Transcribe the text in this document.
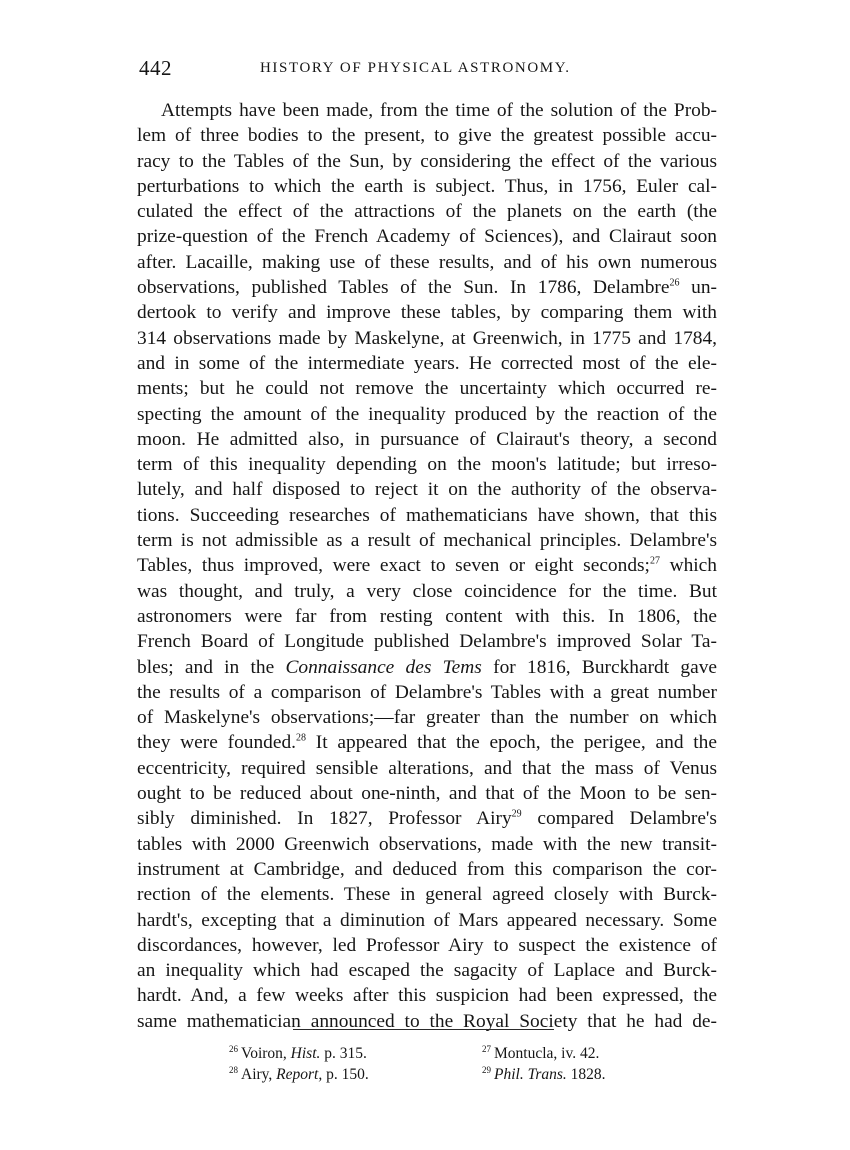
442	HISTORY OF PHYSICAL ASTRONOMY.
Attempts have been made, from the time of the solution of the Prob-
lem of three bodies to the present, to give the greatest possible accu-
racy to the Tables of the Sun, by considering the effect of the various
perturbations to which the earth is subject. Thus, in 1756, Euler cal-
culated the effect of the attractions of the planets on the earth (the
prize-question of the French Academy of Sciences), and Clairaut soon
after. Lacaille, making use of these results, and of his own numerous
observations, published Tables of the Sun. In 1786, Delambre$^{26}$ un-
dertook to verify and improve these tables, by comparing them with
314 observations made by Maskelyne, at Greenwich, in 1775 and 1784,
and in some of the intermediate years. He corrected most of the ele-
ments; but he could not remove the uncertainty which occurred re-
specting the amount of the inequality produced by the reaction of the
moon. He admitted also, in pursuance of Clairaut's theory, a second
term of this inequality depending on the moon's latitude; but irreso-
lutely, and half disposed to reject it on the authority of the observa-
tions. Succeeding researches of mathematicians have shown, that this
term is not admissible as a result of mechanical principles. Delambre's
Tables, thus improved, were exact to seven or eight seconds;$^{27}$ which
was thought, and truly, a very close coincidence for the time. But
astronomers were far from resting content with this. In 1806, the
French Board of Longitude published Delambre's improved Solar Ta-
bles; and in the Connaissance des Tems for 1816, Burckhardt gave
the results of a comparison of Delambre's Tables with a great number
of Maskelyne's observations;—far greater than the number on which
they were founded.$^{28}$ It appeared that the epoch, the perigee, and the
eccentricity, required sensible alterations, and that the mass of Venus
ought to be reduced about one-ninth, and that of the Moon to be sen-
sibly diminished. In 1827, Professor Airy$^{29}$ compared Delambre's
tables with 2000 Greenwich observations, made with the new transit-
instrument at Cambridge, and deduced from this comparison the cor-
rection of the elements. These in general agreed closely with Burck-
hardt's, excepting that a diminution of Mars appeared necessary. Some
discordances, however, led Professor Airy to suspect the existence of
an inequality which had escaped the sagacity of Laplace and Burck-
hardt. And, a few weeks after this suspicion had been expressed, the
same mathematician announced to the Royal Society that he had de-
$^{26}$ Voiron, Hist. p. 315.	$^{27}$ Montucla, iv. 42.
$^{28}$ Airy, Report, p. 150.	$^{29}$ Phil. Trans. 1828.
